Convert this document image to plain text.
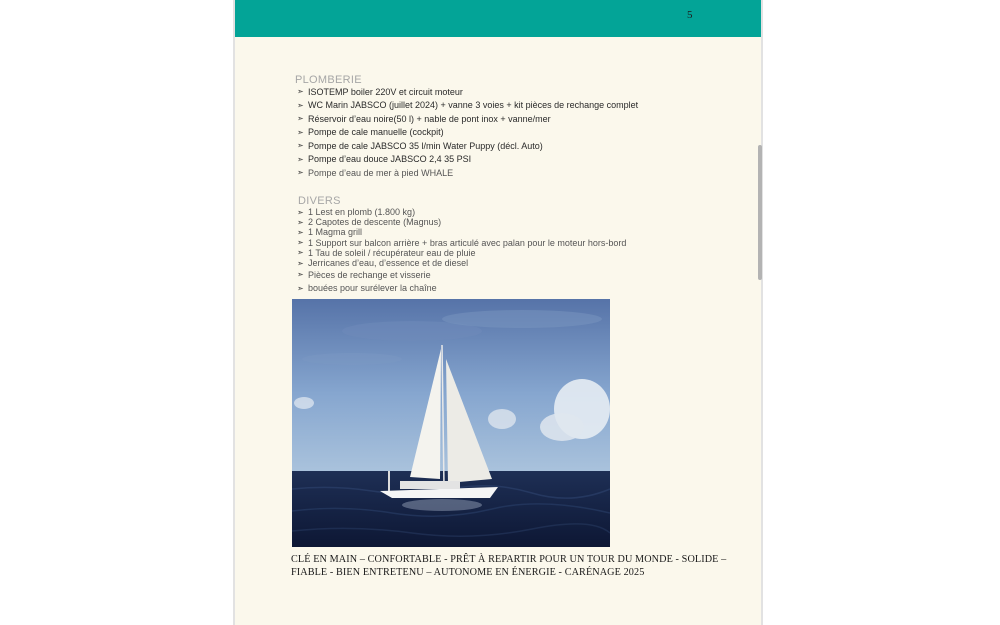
5
PLOMBERIE
➣ ISOTEMP boiler 220V et circuit moteur
➣ WC Marin JABSCO (juillet 2024) + vanne 3 voies + kit pièces de rechange complet
➣ Réservoir d’eau noire(50 l) + nable de pont inox + vanne/mer
➣ Pompe de cale manuelle (cockpit)
➣ Pompe de cale JABSCO 35 l/min Water Puppy (décl. Auto)
➣ Pompe d’eau douce JABSCO 2,4 35 PSI
➣ Pompe d’eau de mer à pied WHALE
DIVERS
➣ 1 Lest en plomb (1.800 kg)
➣ 2 Capotes de descente (Magnus)
➣ 1 Magma grill
➣ 1 Support sur balcon arrière + bras articulé avec palan pour le moteur hors-bord
➣ 1 Tau de soleil / récupérateur eau de pluie
➣ Jerricanes d’eau, d’essence et de diesel
➣ Pièces de rechange et visserie
➣ bouées pour surélever la chaîne
CLÉ EN MAIN – CONFORTABLE - PRÊT À REPARTIR POUR UN TOUR DU MONDE - SOLIDE –
FIABLE - BIEN ENTRETENU – AUTONOME EN ÉNERGIE - CARÉNAGE 2025
